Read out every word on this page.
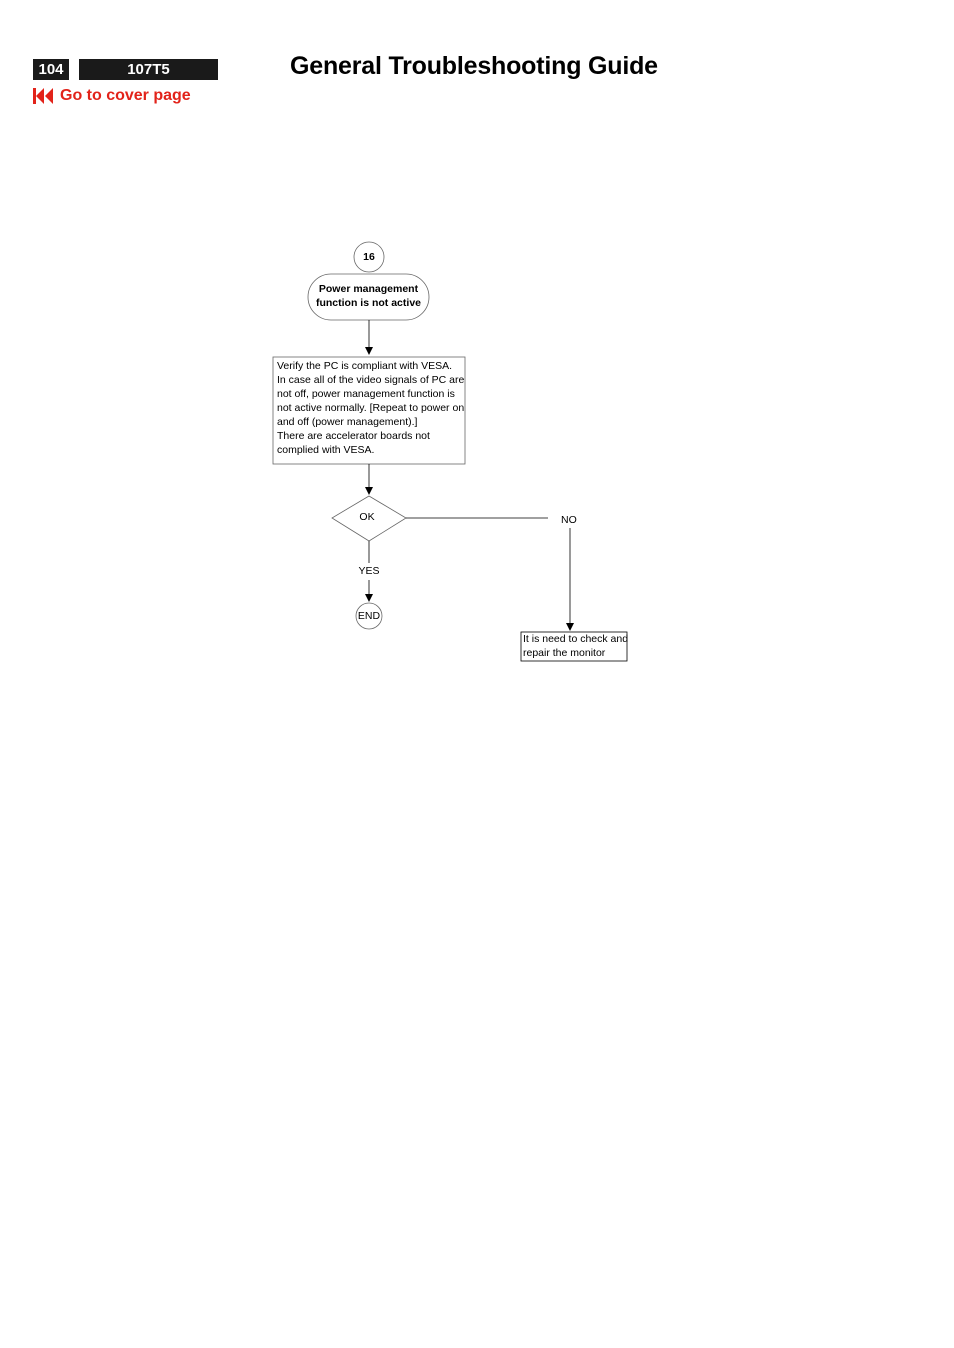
104	107T5
Go to cover page
General Troubleshooting Guide
16
Power management
function is not active
Verify the PC is compliant with VESA.
In case all of the video signals of PC are
not off, power management function is
not active normally. [Repeat to power on
and off (power management).]
There are accelerator boards not
complied with VESA.
OK	NO
YES
END
It is need to check and
repair the monitor
